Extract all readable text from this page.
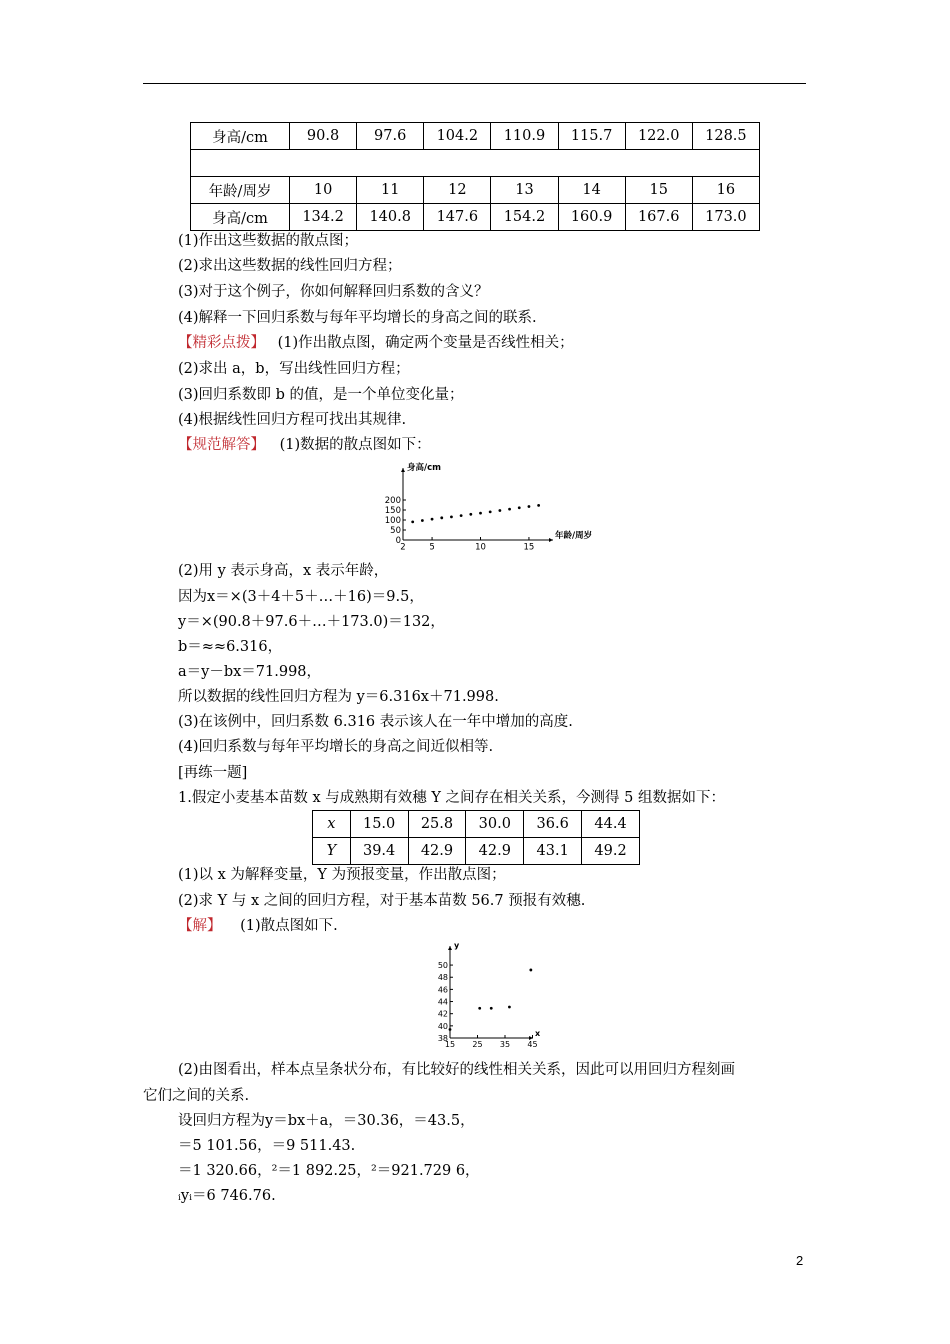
身高/cm	90.8	97.6	104.2	110.9	115.7	122.0	128.5

年龄/周岁	10	11	12	13	14	15	16
身高/cm	134.2	140.8	147.6	154.2	160.9	167.6	173.0
(1)作出这些数据的散点图；
(2)求出这些数据的线性回归方程；
(3)对于这个例子，你如何解释回归系数的含义？
(4)解释一下回归系数与每年平均增长的身高之间的联系.
【精彩点拨】 (1)作出散点图，确定两个变量是否线性相关；
(2)求出 a，b，写出线性回归方程；
(3)回归系数即 b 的值，是一个单位变化量；
(4)根据线性回归方程可找出其规律.
【规范解答】 (1)数据的散点图如下：
200
150
100
50
0
2	5	10	15
身高/cm
年龄/周岁
(2)用 y 表示身高，x 表示年龄，
因为x＝×(3＋4＋5＋…＋16)＝9.5，
y＝×(90.8＋97.6＋…＋173.0)＝132，
b＝≈≈6.316，
a＝y－bx＝71.998，
所以数据的线性回归方程为 y＝6.316x＋71.998.
(3)在该例中，回归系数 6.316 表示该人在一年中增加的高度.
(4)回归系数与每年平均增长的身高之间近似相等.
[再练一题]
1.假定小麦基本苗数 x 与成熟期有效穗 Y 之间存在相关关系，今测得 5 组数据如下：
x	15.0	25.8	30.0	36.6	44.4
Y	39.4	42.9	42.9	43.1	49.2
(1)以 x 为解释变量，Y 为预报变量，作出散点图；
(2)求 Y 与 x 之间的回归方程，对于基本苗数 56.7 预报有效穗.
【解】 (1)散点图如下.
50
48
46
44
42
40
38
15 25 35 45
y
x
(2)由图看出，样本点呈条状分布，有比较好的线性相关关系，因此可以用回归方程刻画
它们之间的关系.
设回归方程为y＝bx＋a，＝30.36，＝43.5，
＝5 101.56，＝9 511.43.
＝1 320.66，²＝1 892.25，²＝921.729 6，
ᵢyᵢ＝6 746.76.
2
